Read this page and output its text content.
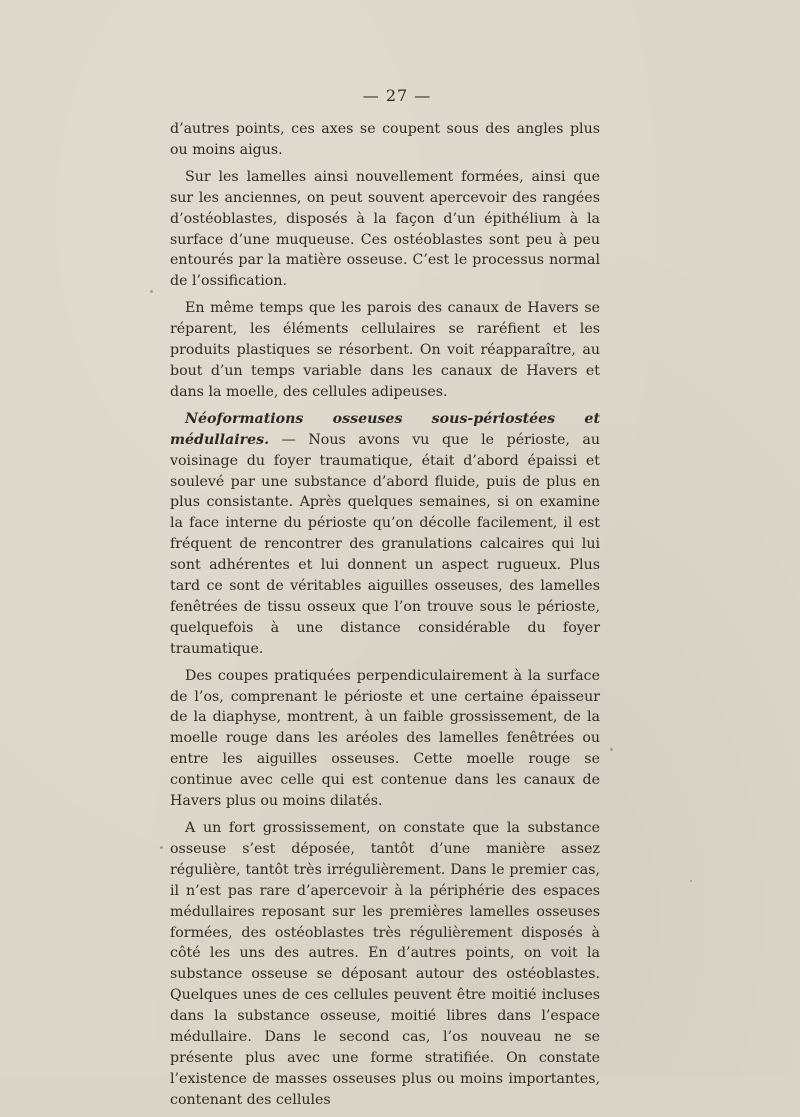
— 27 —

d’autres points, ces axes se coupent sous des angles plus ou moins aigus.

Sur les lamelles ainsi nouvellement formées, ainsi que sur les anciennes, on peut souvent apercevoir des rangées d’ostéoblastes, disposés à la façon d’un épithélium à la surface d’une muqueuse. Ces ostéoblastes sont peu à peu entourés par la matière osseuse. C’est le processus normal de l’ossification.

En même temps que les parois des canaux de Havers se réparent, les éléments cellulaires se raréfient et les produits plastiques se résorbent. On voit réapparaître, au bout d’un temps variable dans les canaux de Havers et dans la moelle, des cellules adipeuses.

Néoformations osseuses sous-périostées et médullaires. — Nous avons vu que le périoste, au voisinage du foyer traumatique, était d’abord épaissi et soulevé par une substance d’abord fluide, puis de plus en plus consistante. Après quelques semaines, si on examine la face interne du périoste qu’on décolle facilement, il est fréquent de rencontrer des granulations calcaires qui lui sont adhérentes et lui donnent un aspect rugueux. Plus tard ce sont de véritables aiguilles osseuses, des lamelles fenêtrées de tissu osseux que l’on trouve sous le périoste, quelquefois à une distance considérable du foyer traumatique.

Des coupes pratiquées perpendiculairement à la surface de l’os, comprenant le périoste et une certaine épaisseur de la diaphyse, montrent, à un faible grossissement, de la moelle rouge dans les aréoles des lamelles fenêtrées ou entre les aiguilles osseuses. Cette moelle rouge se continue avec celle qui est contenue dans les canaux de Havers plus ou moins dilatés.

A un fort grossissement, on constate que la substance osseuse s’est déposée, tantôt d’une manière assez régulière, tantôt très irrégulièrement. Dans le premier cas, il n’est pas rare d’apercevoir à la périphérie des espaces médullaires reposant sur les premières lamelles osseuses formées, des ostéoblastes très régulièrement disposés à côté les uns des autres. En d’autres points, on voit la substance osseuse se déposant autour des ostéoblastes. Quelques unes de ces cellules peuvent être moitié incluses dans la substance osseuse, moitié libres dans l’espace médullaire. Dans le second cas, l’os nouveau ne se présente plus avec une forme stratifiée. On constate l’existence de masses osseuses plus ou moins importantes, contenant des cellules
